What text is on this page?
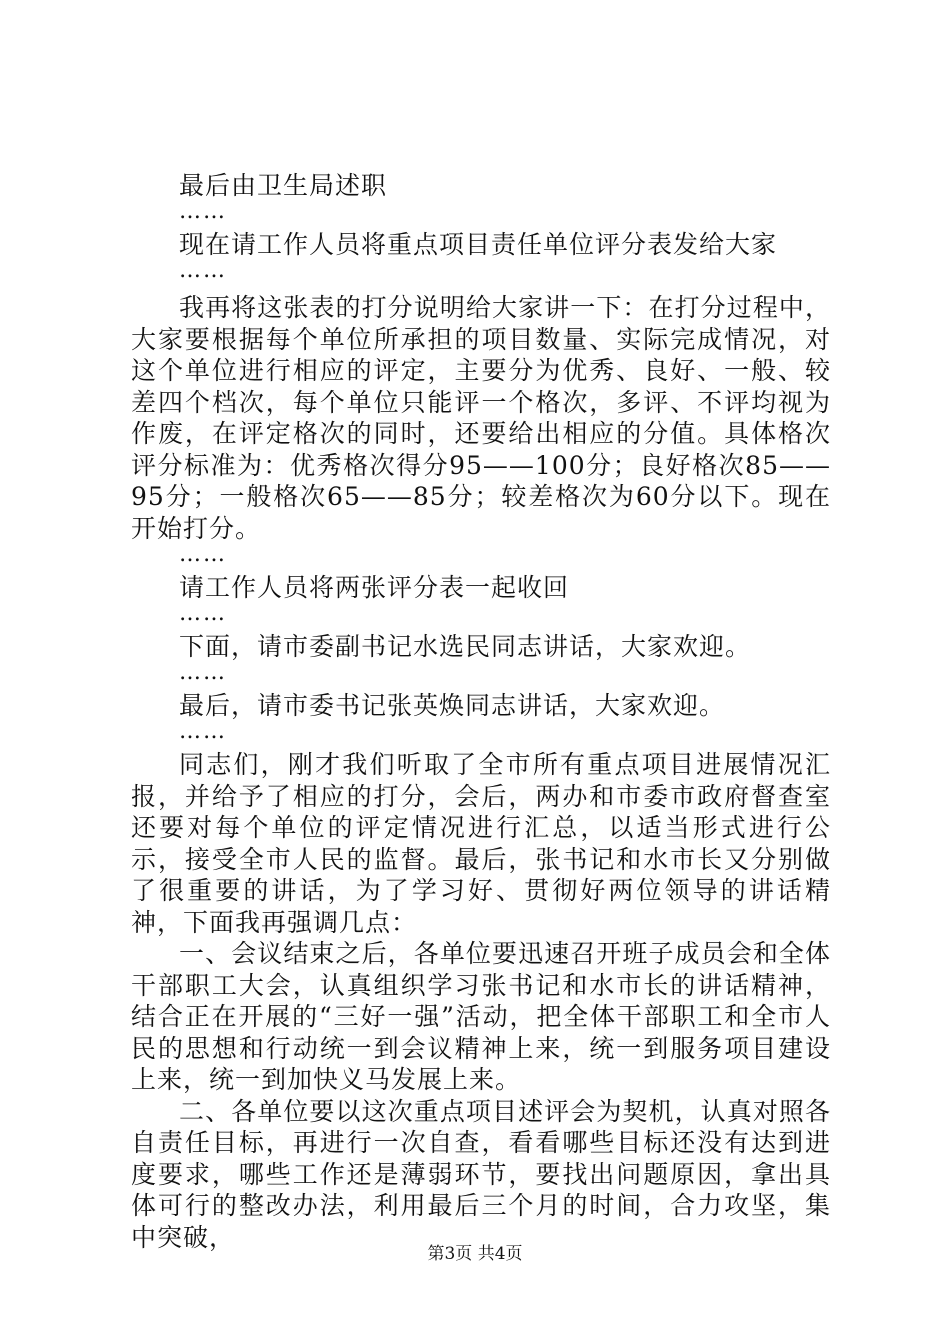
最后由卫生局述职
……
现在请工作人员将重点项目责任单位评分表发给大家
……

我再将这张表的打分说明给大家讲一下：在打分过程中，大家要根据每个单位所承担的项目数量、实际完成情况，对这个单位进行相应的评定，主要分为优秀、良好、一般、较差四个档次，每个单位只能评一个格次，多评、不评均视为作废，在评定格次的同时，还要给出相应的分值。具体格次评分标准为：优秀格次得分95——100分；良好格次85——95分；一般格次65——85分；较差格次为60分以下。现在开始打分。

……
请工作人员将两张评分表一起收回
……
下面，请市委副书记水选民同志讲话，大家欢迎。
……
最后，请市委书记张英焕同志讲话，大家欢迎。
……

同志们，刚才我们听取了全市所有重点项目进展情况汇报，并给予了相应的打分，会后，两办和市委市政府督查室还要对每个单位的评定情况进行汇总，以适当形式进行公示，接受全市人民的监督。最后，张书记和水市长又分别做了很重要的讲话，为了学习好、贯彻好两位领导的讲话精神，下面我再强调几点：

一、会议结束之后，各单位要迅速召开班子成员会和全体干部职工大会，认真组织学习张书记和水市长的讲话精神，结合正在开展的“三好一强”活动，把全体干部职工和全市人民的思想和行动统一到会议精神上来，统一到服务项目建设上来，统一到加快义马发展上来。

二、各单位要以这次重点项目述评会为契机，认真对照各自责任目标，再进行一次自查，看看哪些目标还没有达到进度要求，哪些工作还是薄弱环节，要找出问题原因，拿出具体可行的整改办法，利用最后三个月的时间，合力攻坚，集中突破，

第3页 共4页
